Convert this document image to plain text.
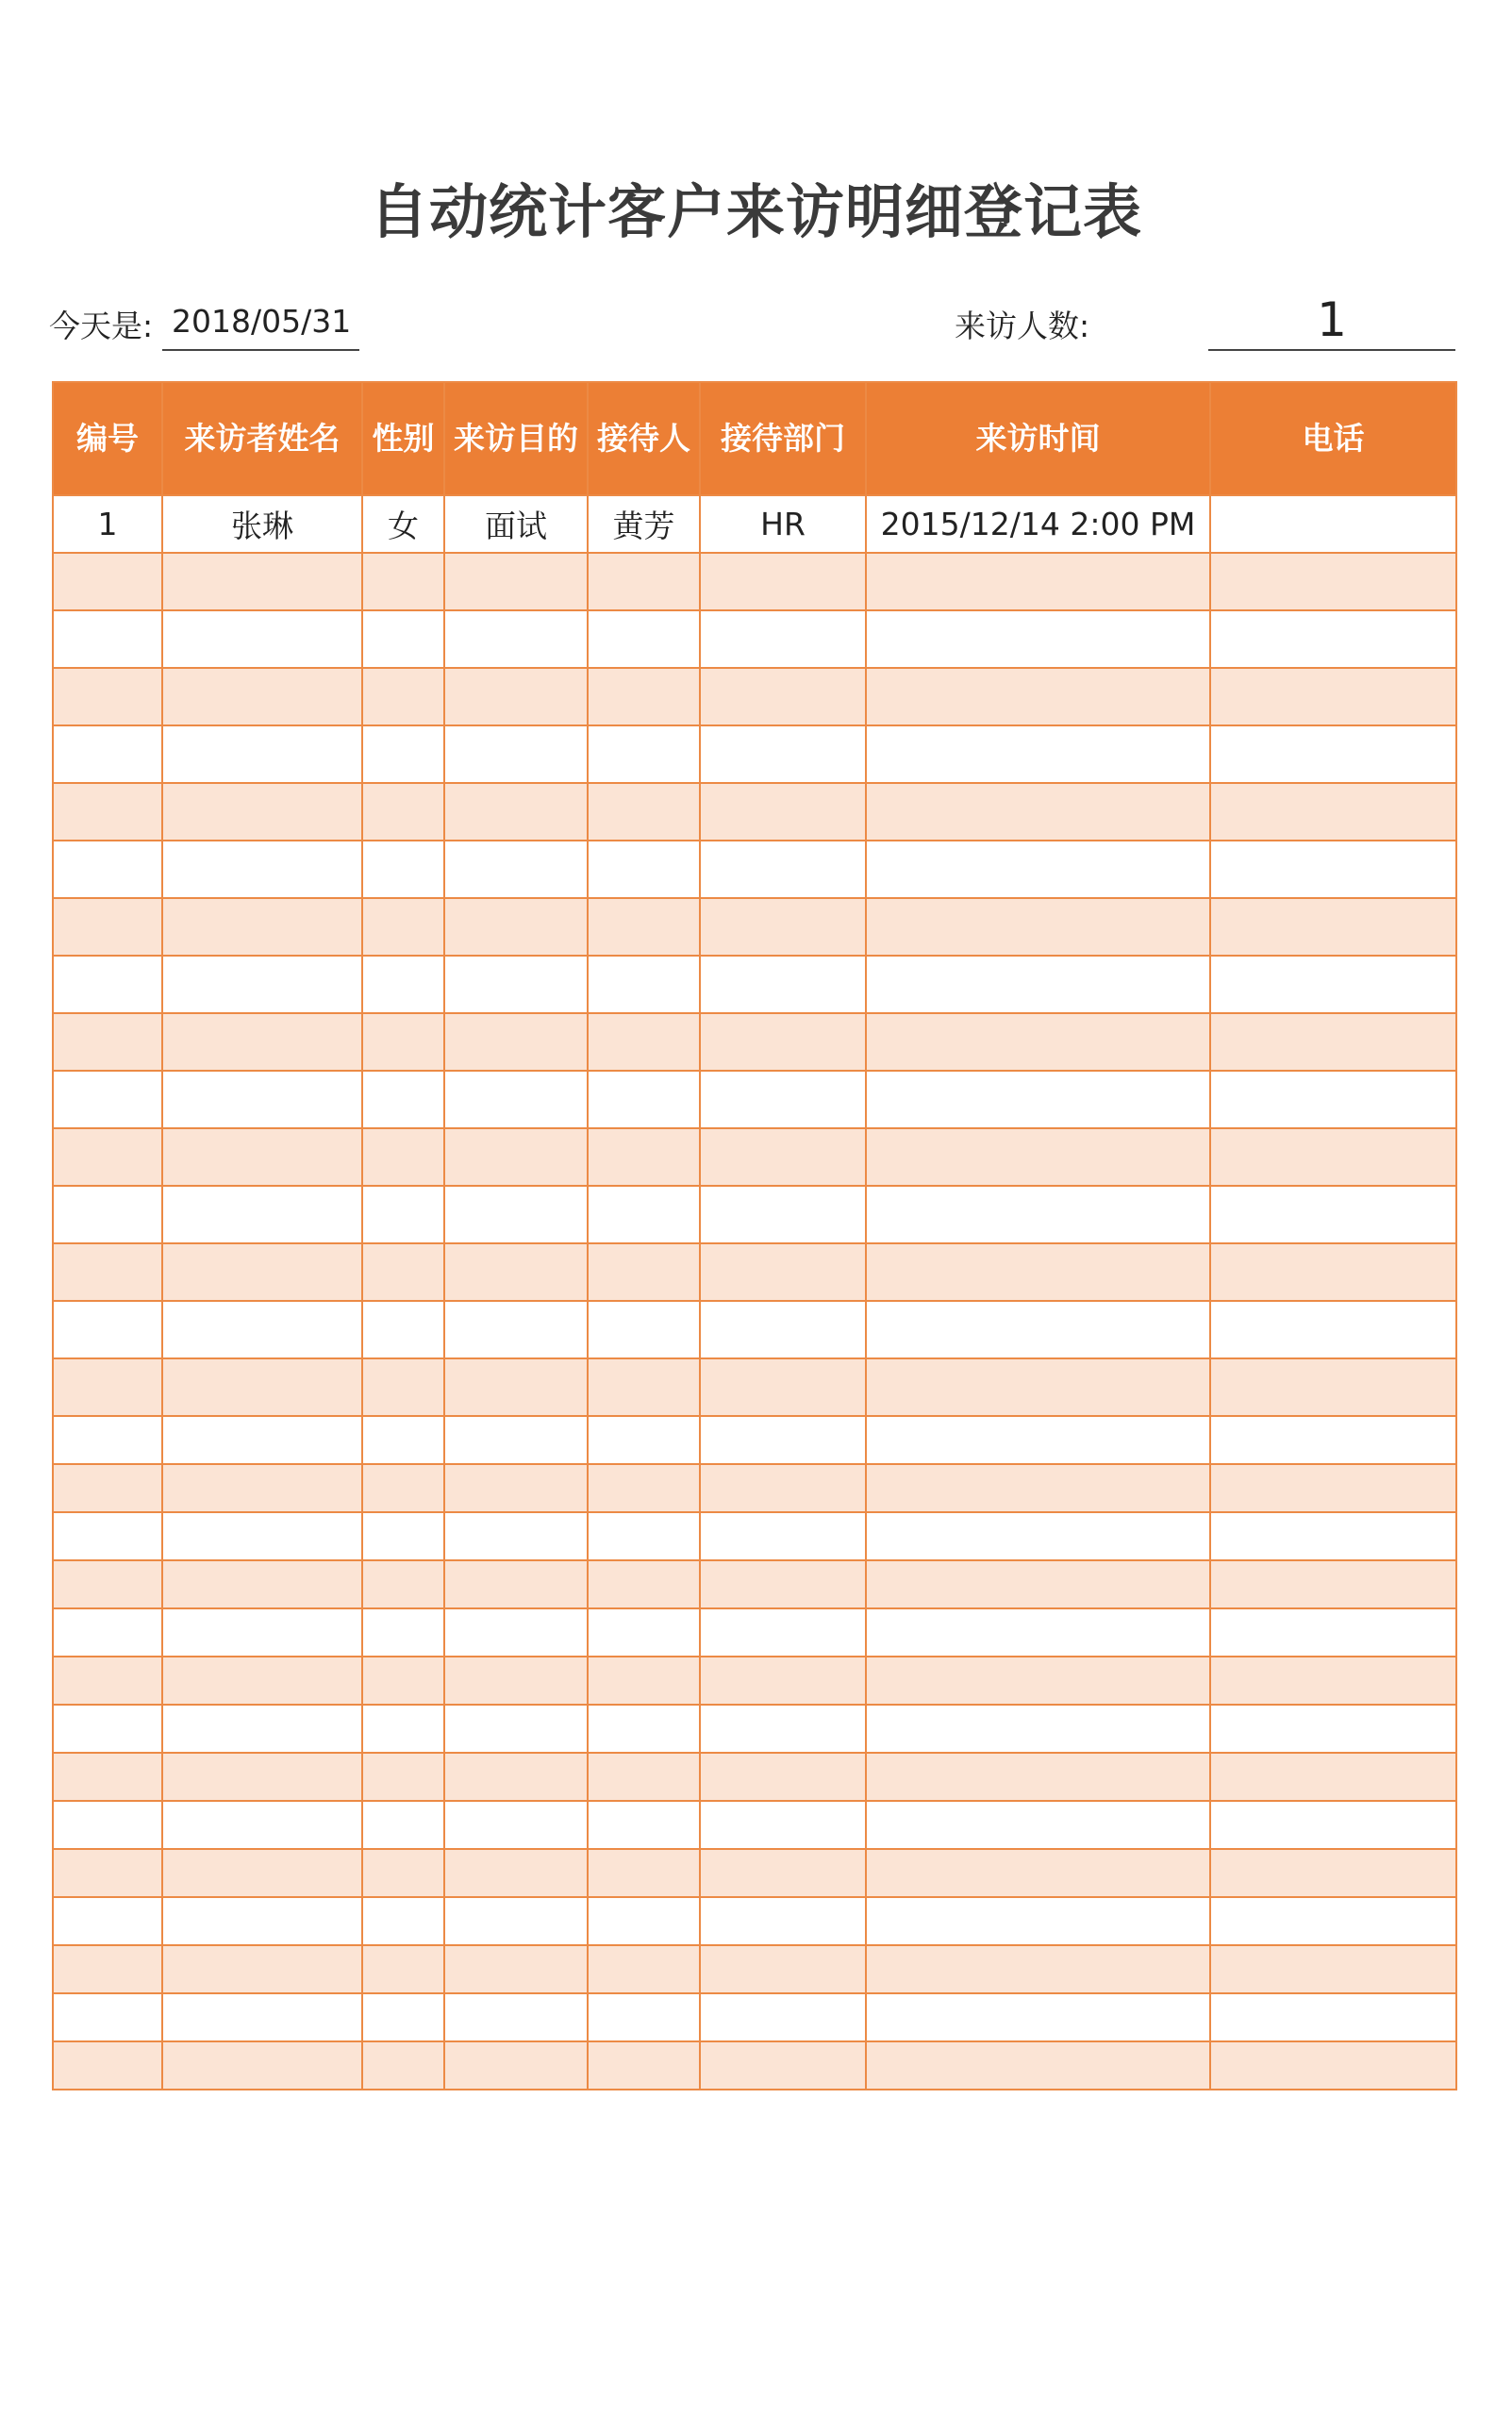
自动统计客户来访明细登记表
今天是: 2018/05/31	来访人数:	1
编号	来访者姓名	性别	来访目的	接待人	接待部门	来访时间	电话
1	张琳	女	面试	黄芳	HR	2015/12/14 2:00 PM	
